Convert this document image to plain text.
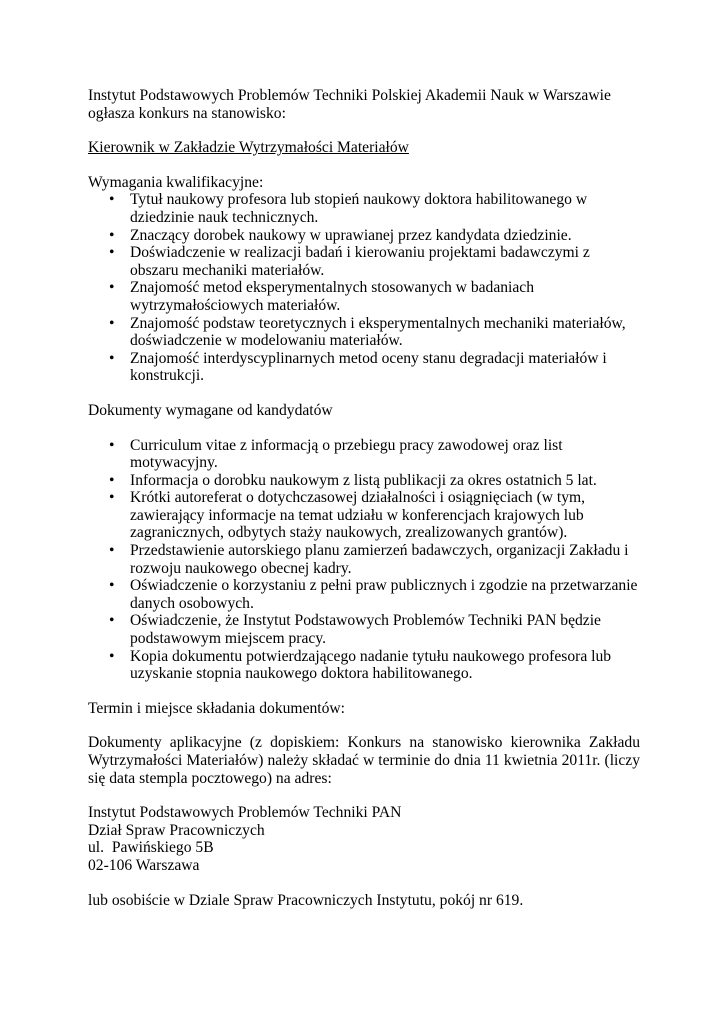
Instytut Podstawowych Problemów Techniki Polskiej Akademii Nauk w Warszawie ogłasza konkurs na stanowisko:

Kierownik w Zakładzie Wytrzymałości Materiałów

Wymagania kwalifikacyjne:

• Tytuł naukowy profesora lub stopień naukowy doktora habilitowanego w dziedzinie nauk technicznych.
• Znaczący dorobek naukowy w uprawianej przez kandydata dziedzinie.
• Doświadczenie w realizacji badań i kierowaniu projektami badawczymi z obszaru mechaniki materiałów.
• Znajomość metod eksperymentalnych stosowanych w badaniach wytrzymałościowych materiałów.
• Znajomość podstaw teoretycznych i eksperymentalnych mechaniki materiałów, doświadczenie w modelowaniu materiałów.
• Znajomość interdyscyplinarnych metod oceny stanu degradacji materiałów i konstrukcji.

Dokumenty wymagane od kandydatów

• Curriculum vitae z informacją o przebiegu pracy zawodowej oraz list motywacyjny.
• Informacja o dorobku naukowym z listą publikacji za okres ostatnich 5 lat.
• Krótki autoreferat o dotychczasowej działalności i osiągnięciach (w tym, zawierający informacje na temat udziału w konferencjach krajowych lub zagranicznych, odbytych staży naukowych, zrealizowanych grantów).
• Przedstawienie autorskiego planu zamierzeń badawczych, organizacji Zakładu i rozwoju naukowego obecnej kadry.
• Oświadczenie o korzystaniu z pełni praw publicznych i zgodzie na przetwarzanie danych osobowych.
• Oświadczenie, że Instytut Podstawowych Problemów Techniki PAN będzie podstawowym miejscem pracy.
• Kopia dokumentu potwierdzającego nadanie tytułu naukowego profesora lub uzyskanie stopnia naukowego doktora habilitowanego.

Termin i miejsce składania dokumentów:

Dokumenty aplikacyjne (z dopiskiem: Konkurs na stanowisko kierownika Zakładu Wytrzymałości Materiałów) należy składać w terminie do dnia 11 kwietnia 2011r. (liczy się data stempla pocztowego) na adres:

Instytut Podstawowych Problemów Techniki PAN
Dział Spraw Pracowniczych
ul.  Pawińskiego 5B
02-106 Warszawa

lub osobiście w Dziale Spraw Pracowniczych Instytutu, pokój nr 619.
